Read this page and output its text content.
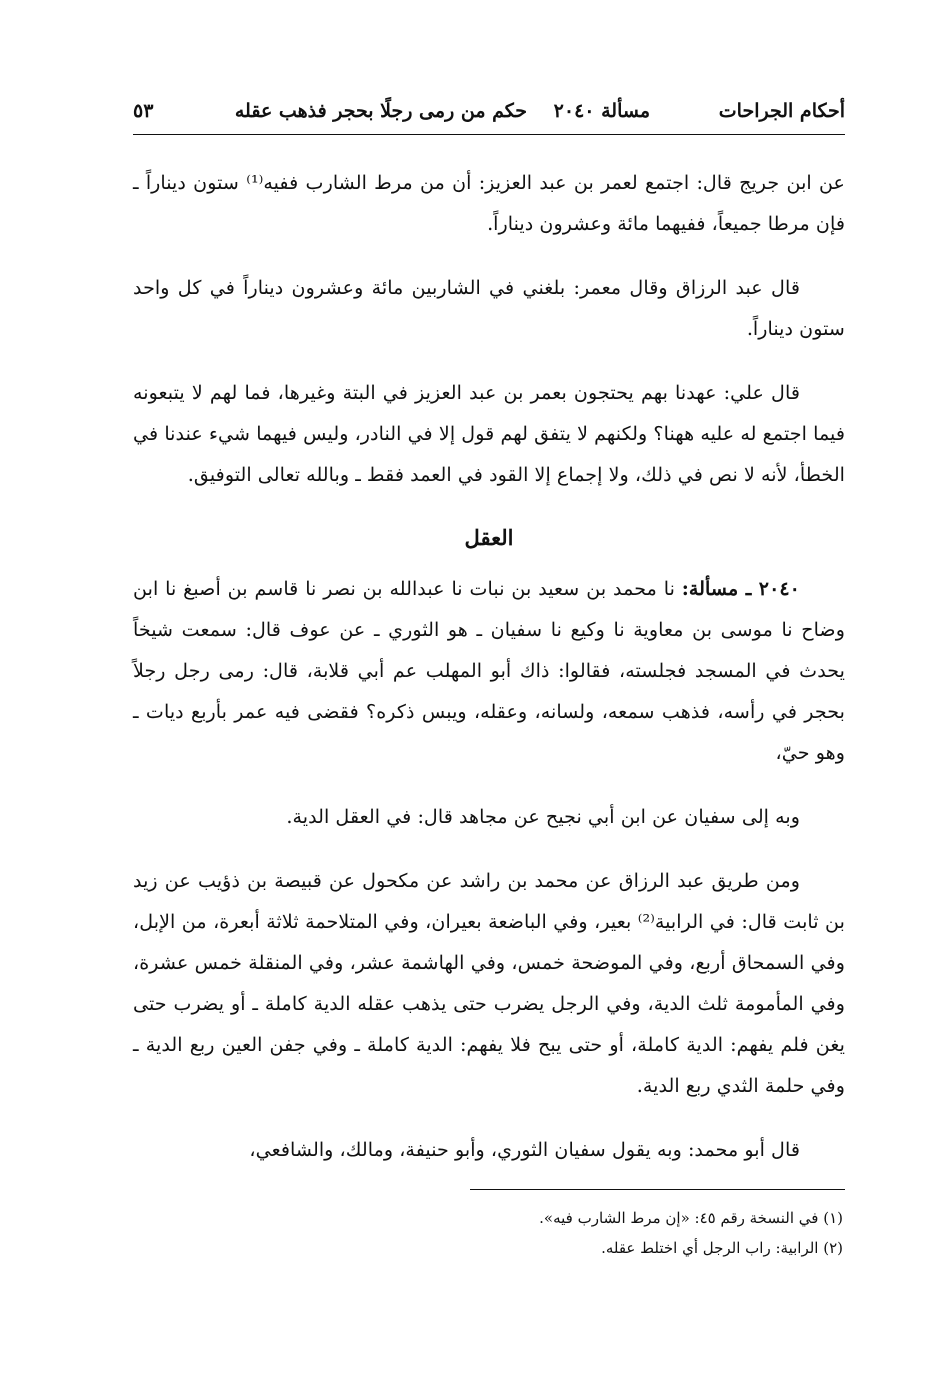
أحكام الجراحات
مسألة ٢٠٤٠
حكم من رمى رجلًا بحجر فذهب عقله
٥٣

عن ابن جريج قال: اجتمع لعمر بن عبد العزيز: أن من مرط الشارب ففيه⁽¹⁾ ستون ديناراً ـ فإن مرطا جميعاً، ففيهما مائة وعشرون ديناراً.

قال عبد الرزاق وقال معمر: بلغني في الشاربين مائة وعشرون ديناراً في كل واحد ستون ديناراً.

قال علي: عهدنا بهم يحتجون بعمر بن عبد العزيز في البتة وغيرها، فما لهم لا يتبعونه فيما اجتمع له عليه ههنا؟ ولكنهم لا يتفق لهم قول إلا في النادر، وليس فيهما شيء عندنا في الخطأ، لأنه لا نص في ذلك، ولا إجماع إلا القود في العمد فقط ـ وبالله تعالى التوفيق.

العقل

٢٠٤٠ ـ مسألة: نا محمد بن سعيد بن نبات نا عبدالله بن نصر نا قاسم بن أصبغ نا ابن وضاح نا موسى بن معاوية نا وكيع نا سفيان ـ هو الثوري ـ عن عوف قال: سمعت شيخاً يحدث في المسجد فجلسته، فقالوا: ذاك أبو المهلب عم أبي قلابة، قال: رمى رجل رجلاً بحجر في رأسه، فذهب سمعه، ولسانه، وعقله، ويبس ذكره؟ فقضى فيه عمر بأربع ديات ـ وهو حيّ،

وبه إلى سفيان عن ابن أبي نجيح عن مجاهد قال: في العقل الدية.

ومن طريق عبد الرزاق عن محمد بن راشد عن مكحول عن قبيصة بن ذؤيب عن زيد بن ثابت قال: في الرابية⁽²⁾ بعير، وفي الباضعة بعيران، وفي المتلاحمة ثلاثة أبعرة، من الإبل، وفي السمحاق أربع، وفي الموضحة خمس، وفي الهاشمة عشر، وفي المنقلة خمس عشرة، وفي المأمومة ثلث الدية، وفي الرجل يضرب حتى يذهب عقله الدية كاملة ـ أو يضرب حتى يغن فلم يفهم: الدية كاملة، أو حتى يبح فلا يفهم: الدية كاملة ـ وفي جفن العين ربع الدية ـ وفي حلمة الثدي ربع الدية.

قال أبو محمد: وبه يقول سفيان الثوري، وأبو حنيفة، ومالك، والشافعي،

(١) في النسخة رقم ٤٥: «إن مرط الشارب فيه».
(٢) الرابية: راب الرجل أي اختلط عقله.
